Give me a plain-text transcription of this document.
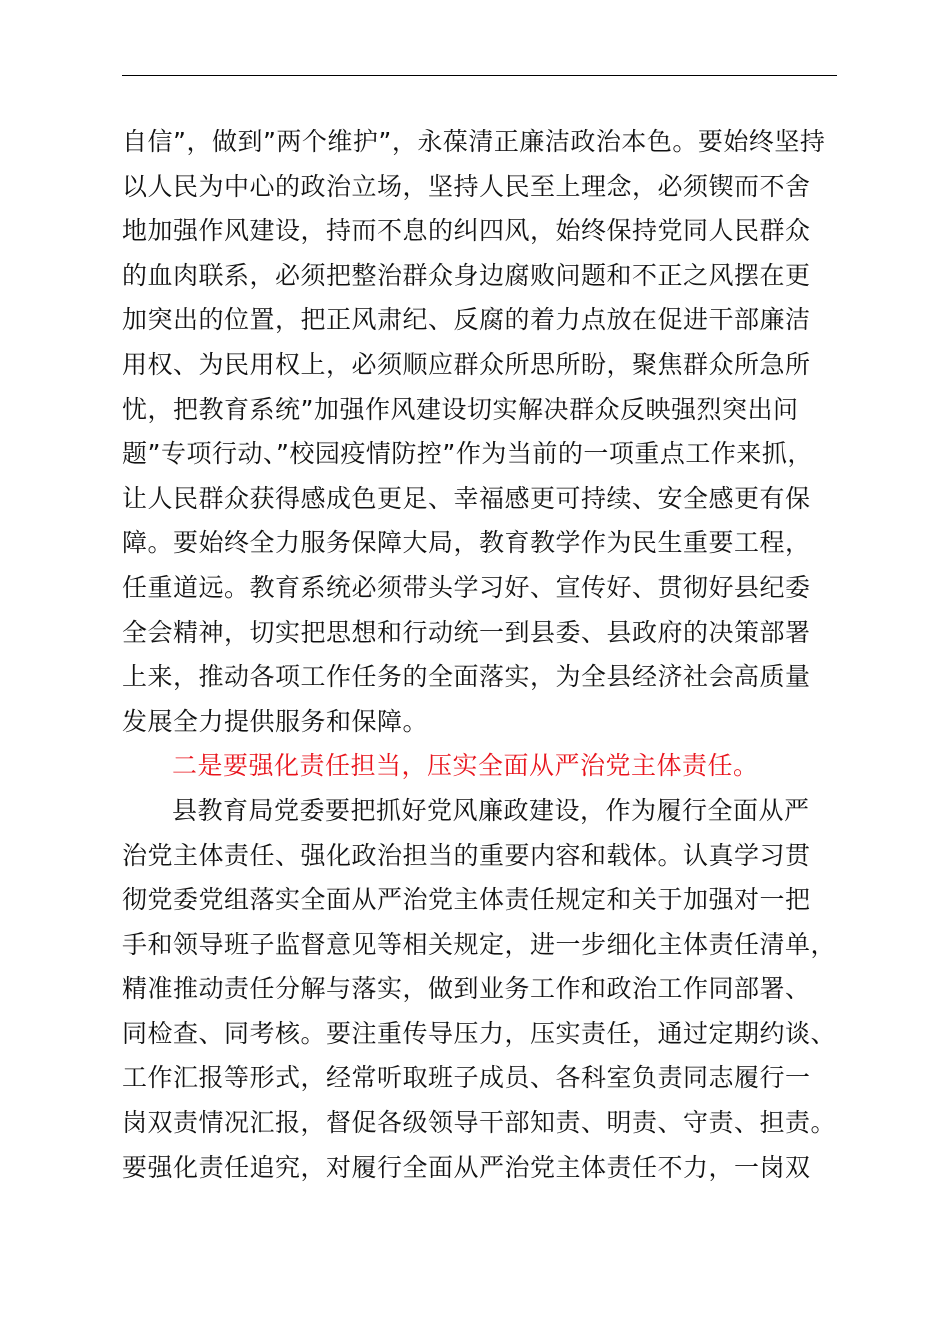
自信”，做到”两个维护”，永葆清正廉洁政治本色。要始终坚持
以人民为中心的政治立场，坚持人民至上理念，必须锲而不舍
地加强作风建设，持而不息的纠四风，始终保持党同人民群众
的血肉联系，必须把整治群众身边腐败问题和不正之风摆在更
加突出的位置，把正风肃纪、反腐的着力点放在促进干部廉洁
用权、为民用权上，必须顺应群众所思所盼，聚焦群众所急所
忧，把教育系统”加强作风建设切实解决群众反映强烈突出问
题”专项行动、”校园疫情防控”作为当前的一项重点工作来抓，
让人民群众获得感成色更足、幸福感更可持续、安全感更有保
障。要始终全力服务保障大局，教育教学作为民生重要工程，
任重道远。教育系统必须带头学习好、宣传好、贯彻好县纪委
全会精神，切实把思想和行动统一到县委、县政府的决策部署
上来，推动各项工作任务的全面落实，为全县经济社会高质量
发展全力提供服务和保障。
二是要强化责任担当，压实全面从严治党主体责任。
县教育局党委要把抓好党风廉政建设，作为履行全面从严
治党主体责任、强化政治担当的重要内容和载体。认真学习贯
彻党委党组落实全面从严治党主体责任规定和关于加强对一把
手和领导班子监督意见等相关规定，进一步细化主体责任清单，
精准推动责任分解与落实，做到业务工作和政治工作同部署、
同检查、同考核。要注重传导压力，压实责任，通过定期约谈、
工作汇报等形式，经常听取班子成员、各科室负责同志履行一
岗双责情况汇报，督促各级领导干部知责、明责、守责、担责。
要强化责任追究，对履行全面从严治党主体责任不力，一岗双
